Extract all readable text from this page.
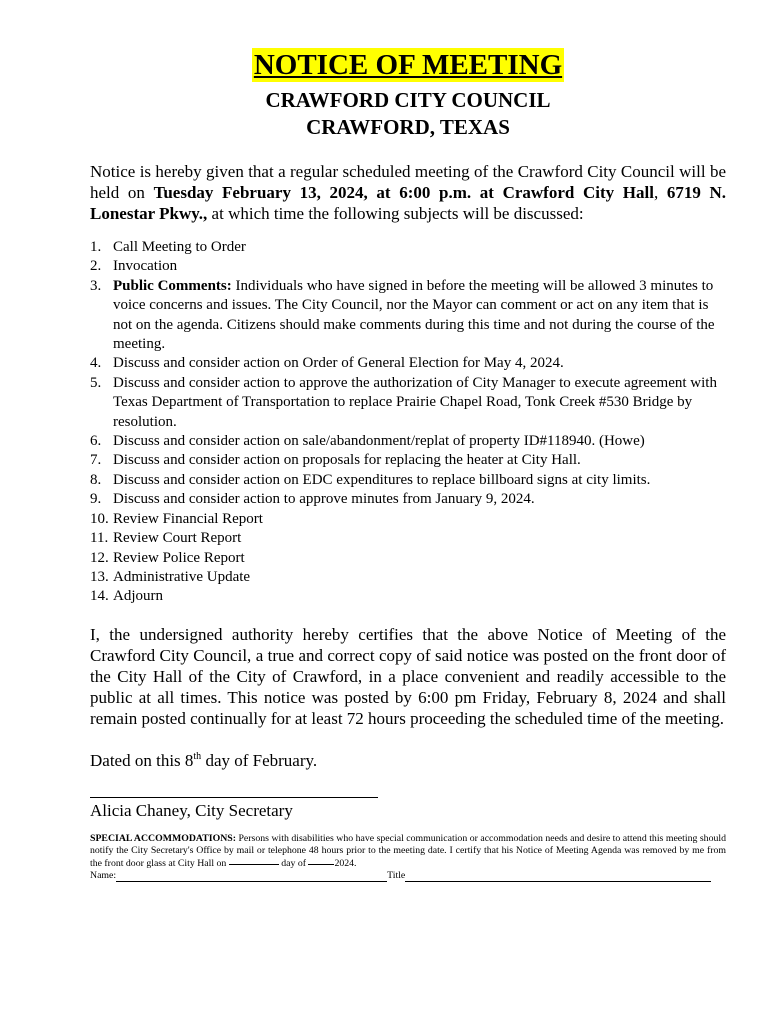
NOTICE OF MEETING
CRAWFORD CITY COUNCIL
CRAWFORD, TEXAS
Notice is hereby given that a regular scheduled meeting of the Crawford City Council will be held on Tuesday February 13, 2024, at 6:00 p.m. at Crawford City Hall, 6719 N. Lonestar Pkwy., at which time the following subjects will be discussed:
1. Call Meeting to Order
2. Invocation
3. Public Comments: Individuals who have signed in before the meeting will be allowed 3 minutes to voice concerns and issues. The City Council, nor the Mayor can comment or act on any item that is not on the agenda. Citizens should make comments during this time and not during the course of the meeting.
4. Discuss and consider action on Order of General Election for May 4, 2024.
5. Discuss and consider action to approve the authorization of City Manager to execute agreement with Texas Department of Transportation to replace Prairie Chapel Road, Tonk Creek #530 Bridge by resolution.
6. Discuss and consider action on sale/abandonment/replat of property ID#118940. (Howe)
7. Discuss and consider action on proposals for replacing the heater at City Hall.
8. Discuss and consider action on EDC expenditures to replace billboard signs at city limits.
9. Discuss and consider action to approve minutes from January 9, 2024.
10. Review Financial Report
11. Review Court Report
12. Review Police Report
13. Administrative Update
14. Adjourn
I, the undersigned authority hereby certifies that the above Notice of Meeting of the Crawford City Council, a true and correct copy of said notice was posted on the front door of the City Hall of the City of Crawford, in a place convenient and readily accessible to the public at all times. This notice was posted by 6:00 pm Friday, February 8, 2024 and shall remain posted continually for at least 72 hours proceeding the scheduled time of the meeting.
Dated on this 8th day of February.
Alicia Chaney, City Secretary
SPECIAL ACCOMMODATIONS: Persons with disabilities who have special communication or accommodation needs and desire to attend this meeting should notify the City Secretary's Office by mail or telephone 48 hours prior to the meeting date. I certify that his Notice of Meeting Agenda was removed by me from the front door glass at City Hall on	day of	2024.
Name:	Title
